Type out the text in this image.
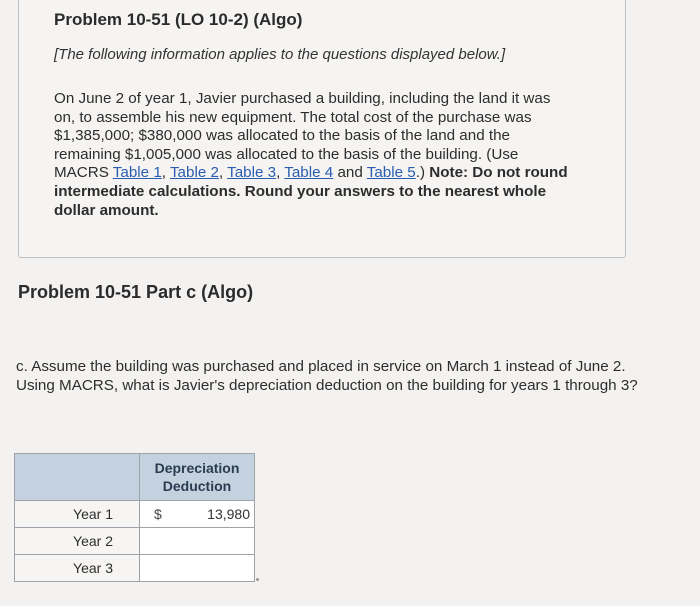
Problem 10-51 (LO 10-2) (Algo)
[The following information applies to the questions displayed below.]
On June 2 of year 1, Javier purchased a building, including the land it was on, to assemble his new equipment. The total cost of the purchase was $1,385,000; $380,000 was allocated to the basis of the land and the remaining $1,005,000 was allocated to the basis of the building. (Use MACRS Table 1, Table 2, Table 3, Table 4 and Table 5.) Note: Do not round intermediate calculations. Round your answers to the nearest whole dollar amount.
Problem 10-51 Part c (Algo)
c. Assume the building was purchased and placed in service on March 1 instead of June 2. Using MACRS, what is Javier's depreciation deduction on the building for years 1 through 3?
	Depreciation Deduction
Year 1	$ 13,980

Year 2	

Year 3	
